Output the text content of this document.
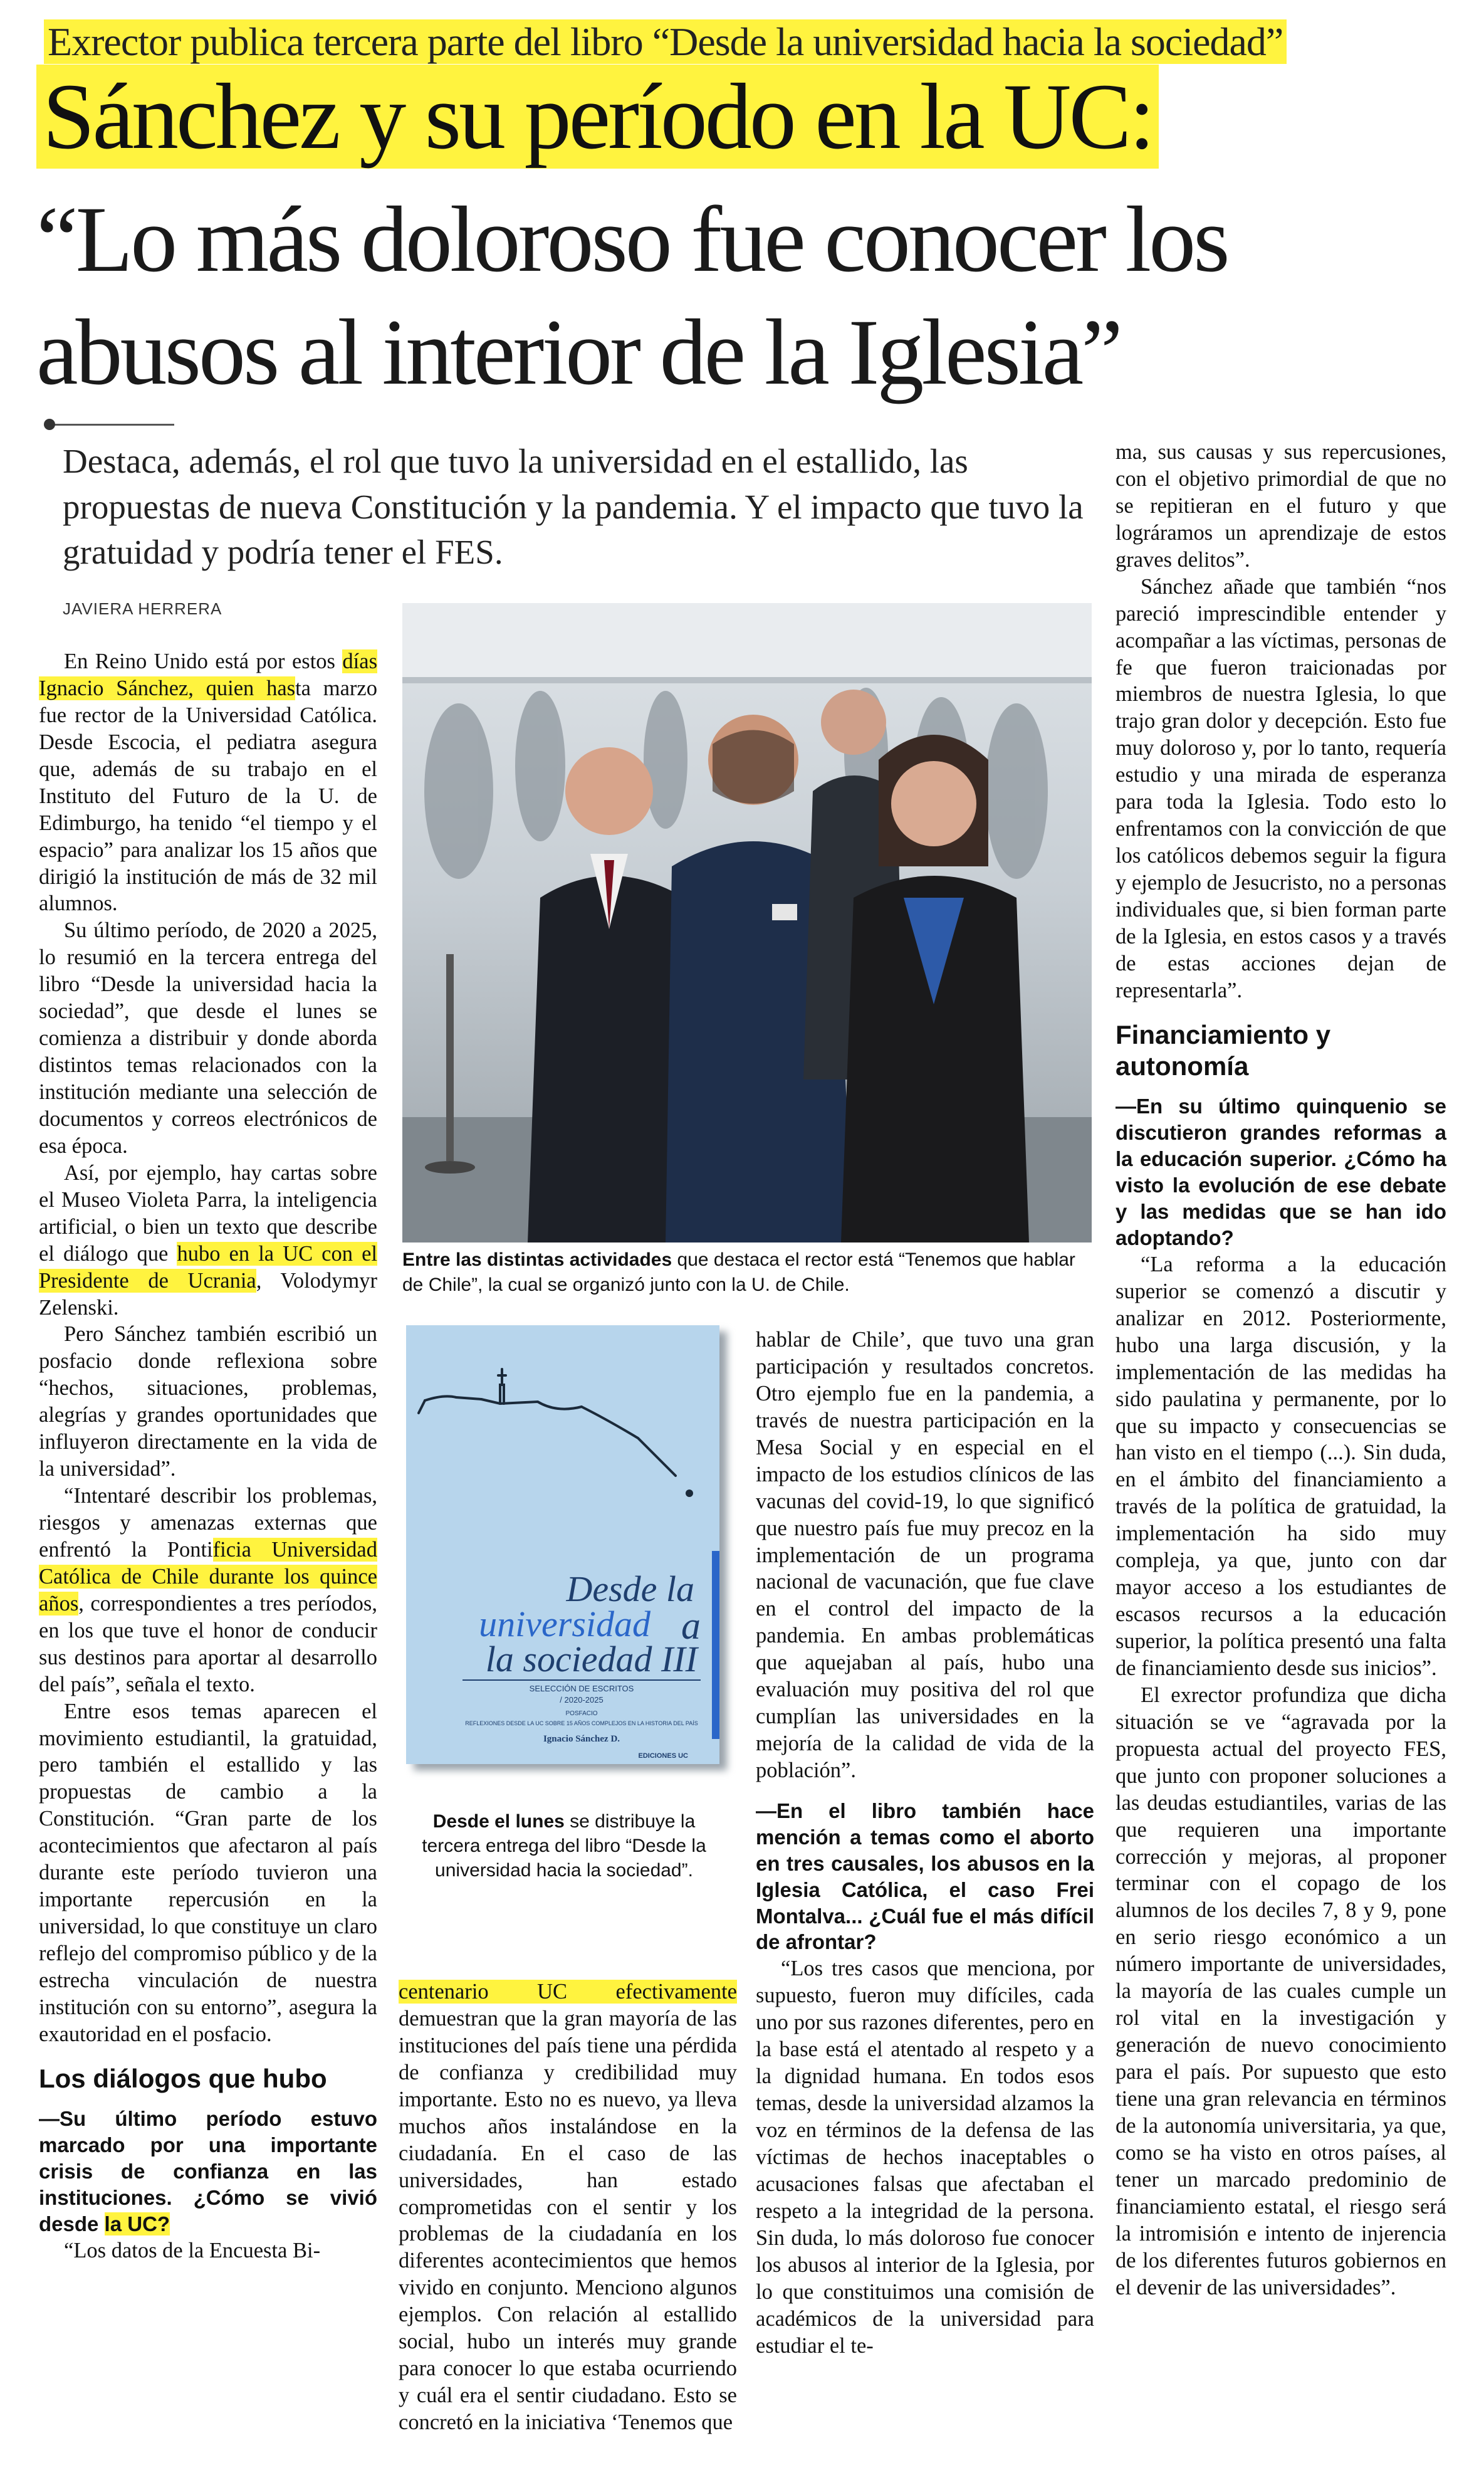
Exrector publica tercera parte del libro “Desde la universidad hacia la sociedad”
Sánchez y su período en la UC:
“Lo más doloroso fue conocer los abusos al interior de la Iglesia”
Destaca, además, el rol que tuvo la universidad en el estallido, las propuestas de nueva Constitución y la pandemia. Y el impacto que tuvo la gratuidad y podría tener el FES.
JAVIERA HERRERA

En Reino Unido está por estos días Ignacio Sánchez, quien hasta marzo fue rector de la Universidad Católica. Desde Escocia, el pediatra asegura que, además de su trabajo en el Instituto del Futuro de la U. de Edimburgo, ha tenido “el tiempo y el espacio” para analizar los 15 años que dirigió la institución de más de 32 mil alumnos.

Su último período, de 2020 a 2025, lo resumió en la tercera entrega del libro “Desde la universidad hacia la sociedad”, que desde el lunes se comienza a distribuir y donde aborda distintos temas relacionados con la institución mediante una selección de documentos y correos electrónicos de esa época.

Así, por ejemplo, hay cartas sobre el Museo Violeta Parra, la inteligencia artificial, o bien un texto que describe el diálogo que hubo en la UC con el Presidente de Ucrania, Volodymyr Zelenski.

Pero Sánchez también escribió un posfacio donde reflexiona sobre “hechos, situaciones, problemas, alegrías y grandes oportunidades que influyeron directamente en la vida de la universidad”.

“Intentaré describir los problemas, riesgos y amenazas externas que enfrentó la Pontificia Universidad Católica de Chile durante los quince años, correspondientes a tres períodos, en los que tuve el honor de conducir sus destinos para aportar al desarrollo del país”, señala el texto.

Entre esos temas aparecen el movimiento estudiantil, la gratuidad, pero también el estallido y las propuestas de cambio a la Constitución. “Gran parte de los acontecimientos que afectaron al país durante este período tuvieron una importante repercusión en la universidad, lo que constituye un claro reflejo del compromiso público y de la estrecha vinculación de nuestra institución con su entorno”, asegura la exautoridad en el posfacio.

Los diálogos que hubo

—Su último período estuvo marcado por una importante crisis de confianza en las instituciones. ¿Cómo se vivió desde la UC?

“Los datos de la Encuesta Bi-

Entre las distintas actividades que destaca el rector está “Tenemos que hablar de Chile”, la cual se organizó junto con la U. de Chile.
Desde la
universidad a
la sociedad III
SELECCIÓN DE ESCRITOS
/ 2020-2025
POSFACIO
REFLEXIONES DESDE LA UC SOBRE 15 AÑOS COMPLEJOS EN LA HISTORIA DEL PAÍS
Ignacio Sánchez D.
EDICIONES UC
Desde el lunes se distribuye la tercera entrega del libro “Desde la universidad hacia la sociedad”.

centenario UC efectivamente demuestran que la gran mayoría de las instituciones del país tiene una pérdida de confianza y credibilidad muy importante. Esto no es nuevo, ya lleva muchos años instalándose en la ciudadanía. En el caso de las universidades, han estado comprometidas con el sentir y los problemas de la ciudadanía en los diferentes acontecimientos que hemos vivido en conjunto. Menciono algunos ejemplos. Con relación al estallido social, hubo un interés muy grande para conocer lo que estaba ocurriendo y cuál era el sentir ciudadano. Esto se concretó en la iniciativa ‘Tenemos que

hablar de Chile’, que tuvo una gran participación y resultados concretos. Otro ejemplo fue en la pandemia, a través de nuestra participación en la Mesa Social y en especial en el impacto de los estudios clínicos de las vacunas del covid-19, lo que significó que nuestro país fue muy precoz en la implementación de un programa nacional de vacunación, que fue clave en el control del impacto de la pandemia. En ambas problemáticas que aquejaban al país, hubo una evaluación muy positiva del rol que cumplían las universidades en la mejoría de la calidad de vida de la población”.

—En el libro también hace mención a temas como el aborto en tres causales, los abusos en la Iglesia Católica, el caso Frei Montalva... ¿Cuál fue el más difícil de afrontar?

“Los tres casos que menciona, por supuesto, fueron muy difíciles, cada uno por sus razones diferentes, pero en la base está el atentado al respeto y a la dignidad humana. En todos esos temas, desde la universidad alzamos la voz en términos de la defensa de las víctimas de hechos inaceptables o acusaciones falsas que afectaban el respeto a la integridad de la persona. Sin duda, lo más doloroso fue conocer los abusos al interior de la Iglesia, por lo que constituimos una comisión de académicos de la universidad para estudiar el te-

ma, sus causas y sus repercusiones, con el objetivo primordial de que no se repitieran en el futuro y que lográramos un aprendizaje de estos graves delitos”.

Sánchez añade que también “nos pareció imprescindible entender y acompañar a las víctimas, personas de fe que fueron traicionadas por miembros de nuestra Iglesia, lo que trajo gran dolor y decepción. Esto fue muy doloroso y, por lo tanto, requería estudio y una mirada de esperanza para toda la Iglesia. Todo esto lo enfrentamos con la convicción de que los católicos debemos seguir la figura y ejemplo de Jesucristo, no a personas individuales que, si bien forman parte de la Iglesia, en estos casos y a través de estas acciones dejan de representarla”.

Financiamiento y autonomía

—En su último quinquenio se discutieron grandes reformas a la educación superior. ¿Cómo ha visto la evolución de ese debate y las medidas que se han ido adoptando?

“La reforma a la educación superior se comenzó a discutir y analizar en 2012. Posteriormente, hubo una larga discusión, y la implementación de las medidas ha sido paulatina y permanente, por lo que su impacto y consecuencias se han visto en el tiempo (...). Sin duda, en el ámbito del financiamiento a través de la política de gratuidad, la implementación ha sido muy compleja, ya que, junto con dar mayor acceso a los estudiantes de escasos recursos a la educación superior, la política presentó una falta de financiamiento desde sus inicios”.

El exrector profundiza que dicha situación se ve “agravada por la propuesta actual del proyecto FES, que junto con proponer soluciones a las deudas estudiantiles, varias de las que requieren una importante corrección y mejoras, al proponer terminar con el copago de los alumnos de los deciles 7, 8 y 9, pone en serio riesgo económico a un número importante de universidades, la mayoría de las cuales cumple un rol vital en la investigación y generación de nuevo conocimiento para el país. Por supuesto que esto tiene una gran relevancia en términos de la autonomía universitaria, ya que, como se ha visto en otros países, al tener un marcado predominio de financiamiento estatal, el riesgo será la intromisión e intento de injerencia de los diferentes futuros gobiernos en el devenir de las universidades”.
